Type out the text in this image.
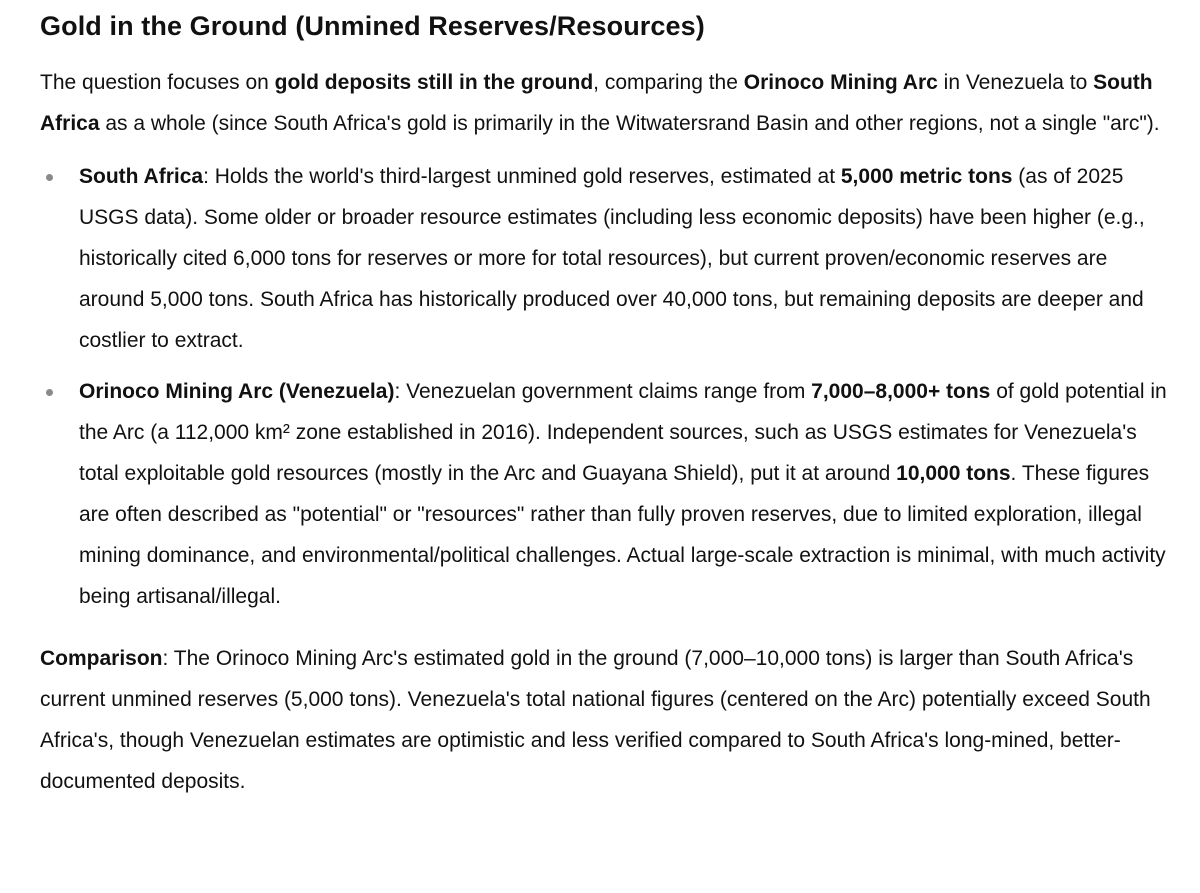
Gold in the Ground (Unmined Reserves/Resources)

The question focuses on gold deposits still in the ground, comparing the Orinoco Mining Arc in Venezuela to South Africa as a whole (since South Africa's gold is primarily in the Witwatersrand Basin and other regions, not a single "arc").

South Africa: Holds the world's third-largest unmined gold reserves, estimated at 5,000 metric tons (as of 2025 USGS data). Some older or broader resource estimates (including less economic deposits) have been higher (e.g., historically cited 6,000 tons for reserves or more for total resources), but current proven/economic reserves are around 5,000 tons. South Africa has historically produced over 40,000 tons, but remaining deposits are deeper and costlier to extract.
Orinoco Mining Arc (Venezuela): Venezuelan government claims range from 7,000–8,000+ tons of gold potential in the Arc (a 112,000 km² zone established in 2016). Independent sources, such as USGS estimates for Venezuela's total exploitable gold resources (mostly in the Arc and Guayana Shield), put it at around 10,000 tons. These figures are often described as "potential" or "resources" rather than fully proven reserves, due to limited exploration, illegal mining dominance, and environmental/political challenges. Actual large-scale extraction is minimal, with much activity being artisanal/illegal.

Comparison: The Orinoco Mining Arc's estimated gold in the ground (7,000–10,000 tons) is larger than South Africa's current unmined reserves (5,000 tons). Venezuela's total national figures (centered on the Arc) potentially exceed South Africa's, though Venezuelan estimates are optimistic and less verified compared to South Africa's long-mined, better-documented deposits.
